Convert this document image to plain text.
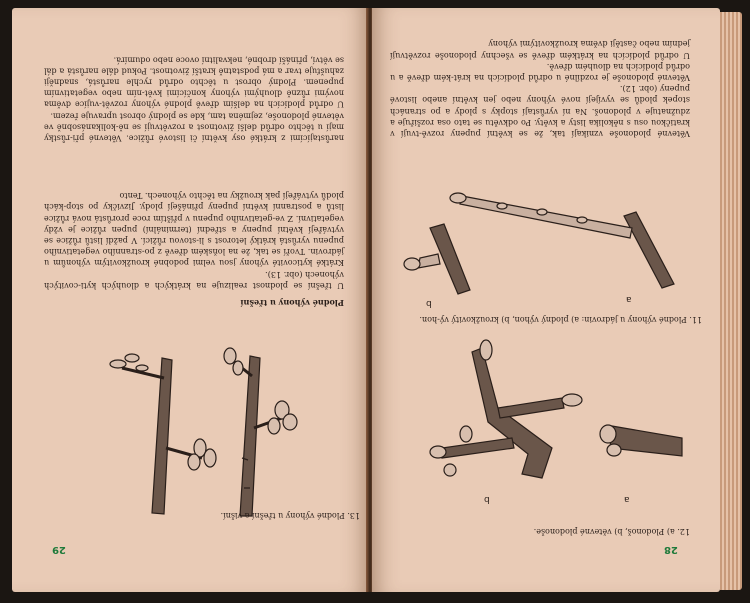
narůstajícími z krátké osy květní či listové růžice. Větevné při-růstky mají u těchto odrůd delší životnost a rozvětvují se ně-kolikanásobně ve větevné plodonoše, zejména tam, kde se plodný obrost upravuje řezem.

U odrůd plodících na delším dřevě plodné výhony rozvět-vujíce dvěma novými různě dlouhými výhony končícími květ-ním nebo vegetativním pupenem. Plodný obrost u těchto odrůd rychle narůstá, snadněji zahušťuje tvar a má podstatně kratší životnost. Pokud dále narůstá a dál se větví, přináší drobné, nekvalitní ovoce nebo odumírá.

Plodné výhony u třešní

U třešní se plodnost realizuje na krátkých a dlouhých kyti-covitých výhonech (obr. 13).

Krátké kyticovité výhony jsou velmi podobné kroužkovitým výhonům u jádrovin. Tvoří se tak, že na loňském dřevě z po-stranního vegetativního pupenu vyrůstá krátký letorost s li-stovou růžicí. V paždí listů růžice se vytvářejí květní pupeny a střední (terminální) pupen růžice je vždy vegetativní. Z ve-getativního pupenu v příštím roce prorůstá nová růžice listů a postranní květní pupeny přinášejí plody. Jizvičky po stop-kách plodů vytvářejí pak kroužky na těchto výhonech. Tento

13. Plodné výhony u třešní a višní.
29

Větevné plodonoše vznikají tak, že se květní pupeny rozvě-tvují v kratičkou osu s několika listy a květy. Po odkvětu se tato osa rozšiřuje a zdužnatuje v plodonoš. Na ní vyrůstají stopky s plody a po stranách stopek plodů se vyvíjejí nové výhony nebo jen květní anebo listové pupeny (obr. 12).

Větevné plodonoše je rozdílné u odrůd plodících na krát-kém dřevě a u odrůd plodících na dlouhém dřevě.

U odrůd plodících na krátkém dřevě se všechny plodonoše rozvětvují jedním nebo častěji dvěma kroužkovitými výhony

b	a
11. Plodné výhony u jádrovin: a) plodný výhon, b) kroužkovitý vý-hon.
b	a
12. a) Plodonoš, b) větevné plodonoše.
28
